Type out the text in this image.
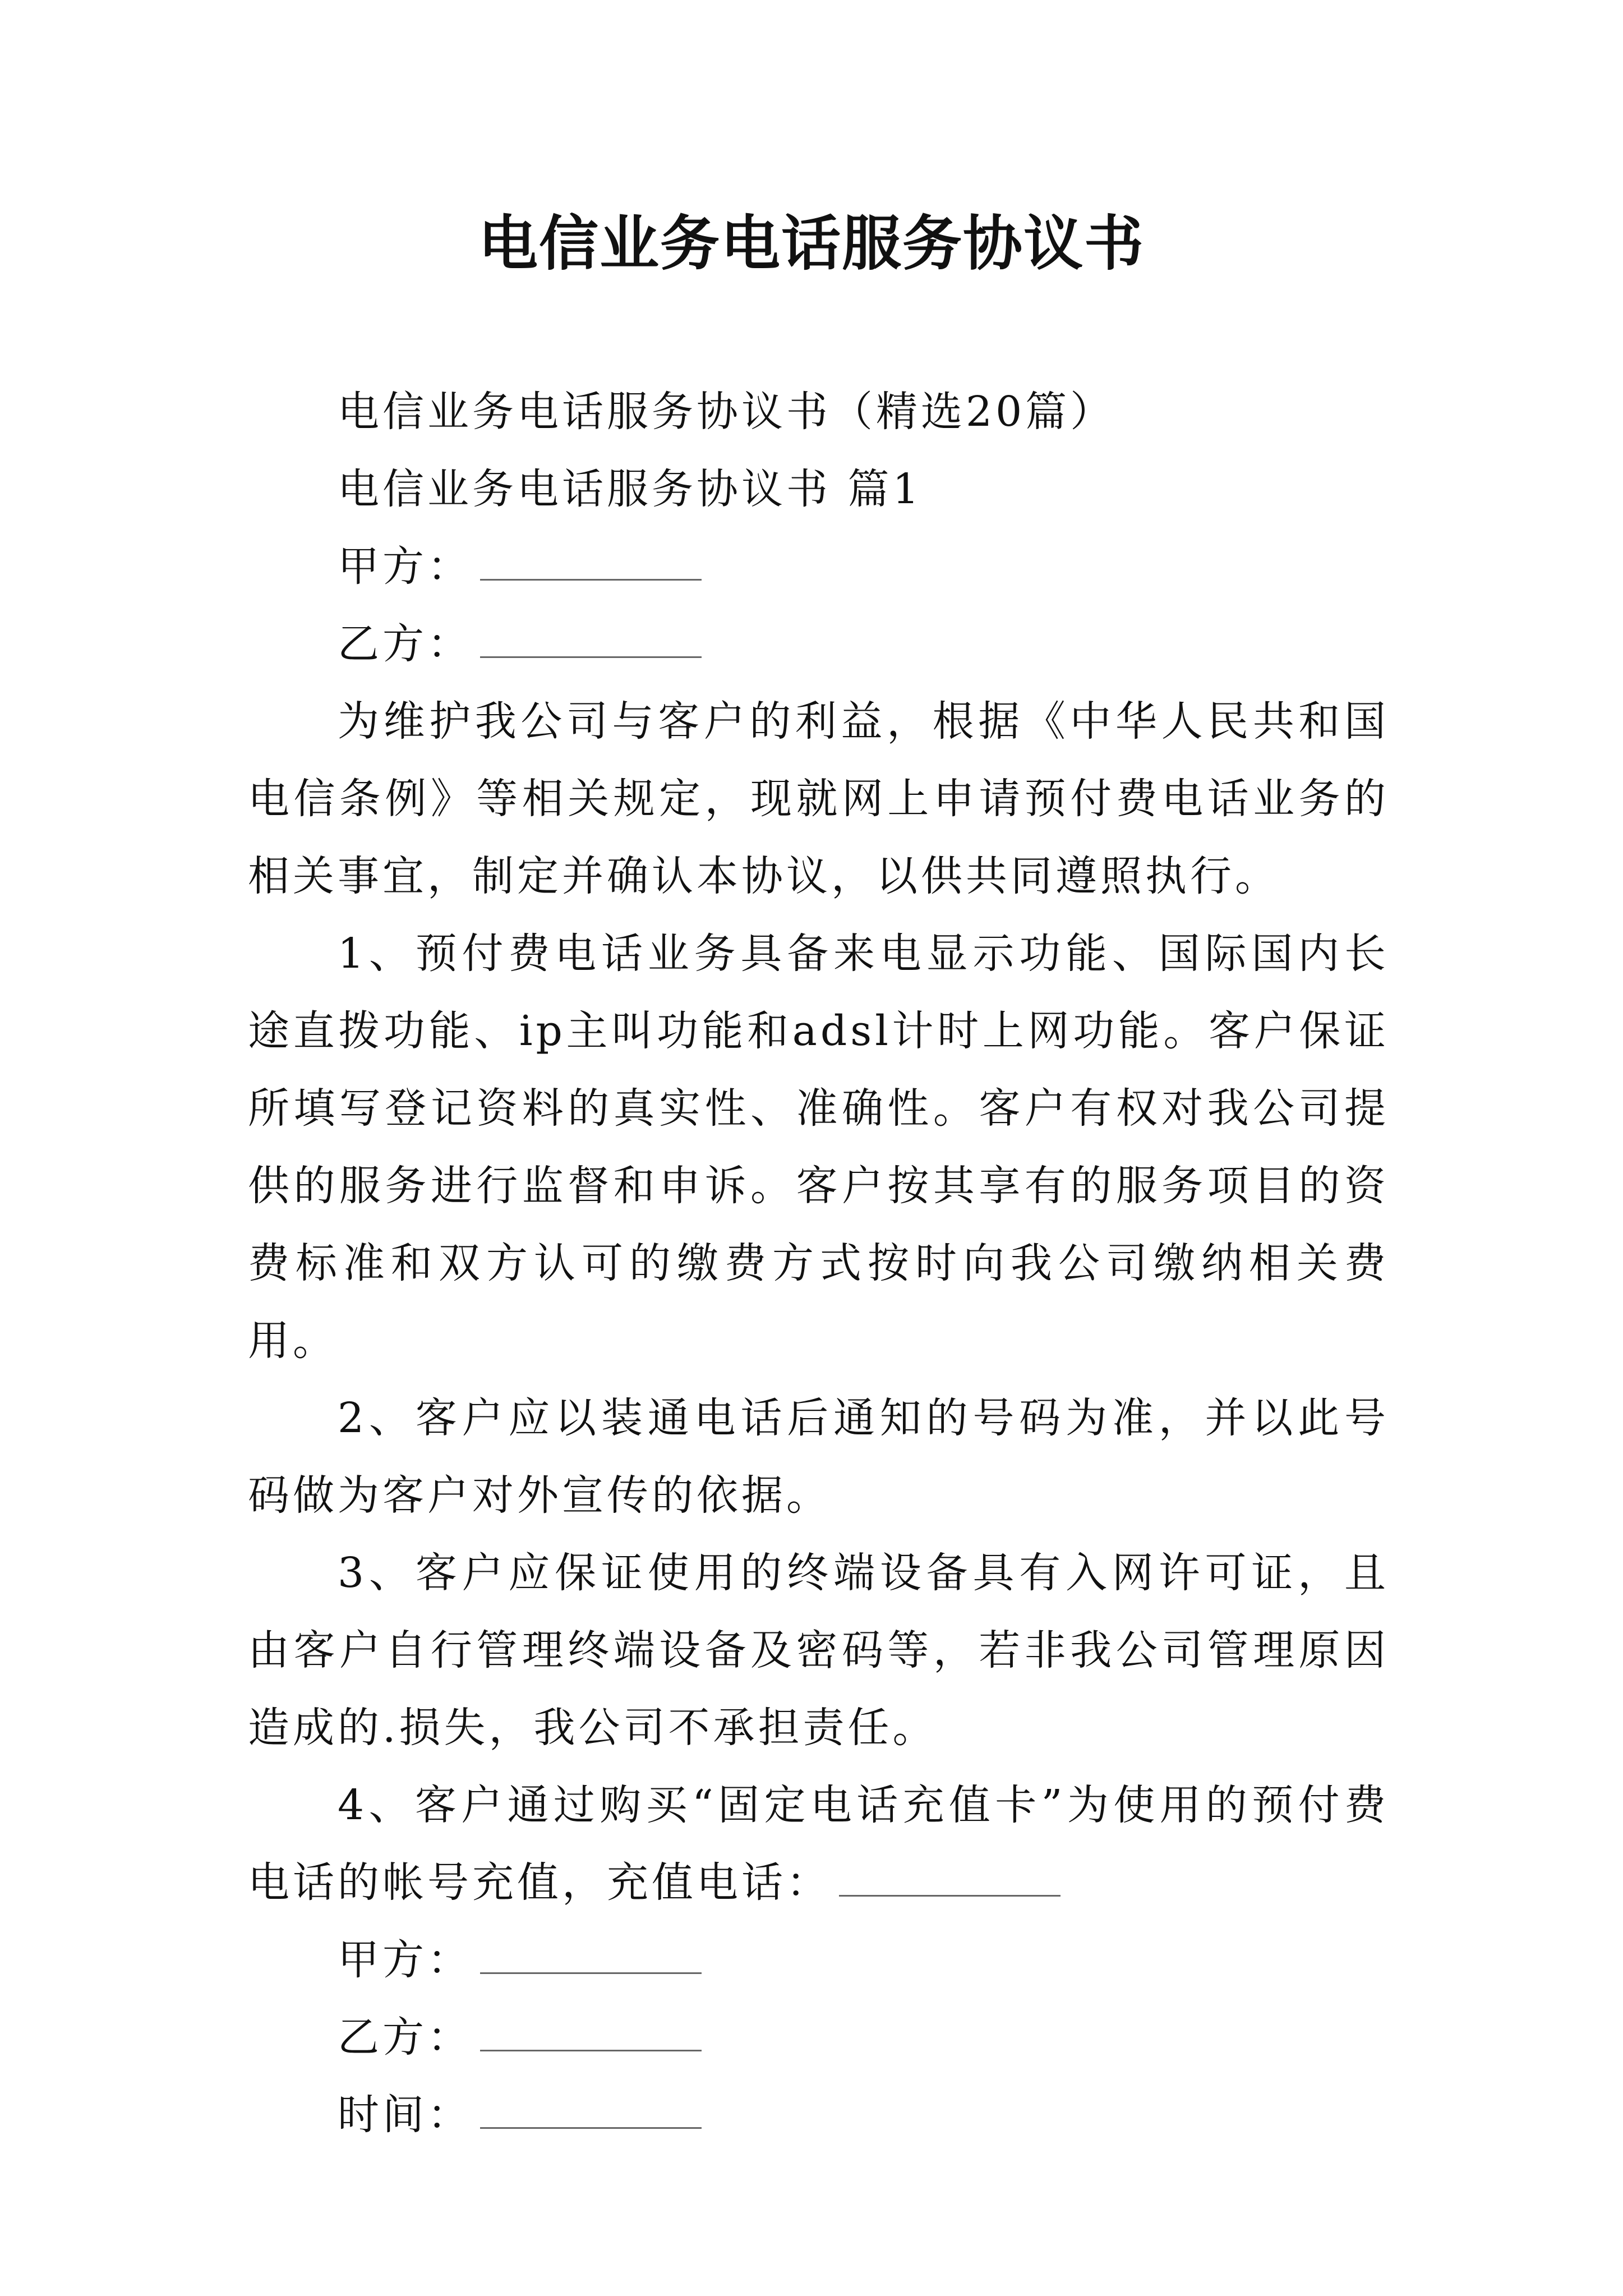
电信业务电话服务协议书

电信业务电话服务协议书（精选20篇）

电信业务电话服务协议书 篇1

甲方：

乙方：

为维护我公司与客户的利益，根据《中华人民共和国电信条例》等相关规定，现就网上申请预付费电话业务的相关事宜，制定并确认本协议，以供共同遵照执行。

1、预付费电话业务具备来电显示功能、国际国内长途直拨功能、ip主叫功能和adsl计时上网功能。客户保证所填写登记资料的真实性、准确性。客户有权对我公司提供的服务进行监督和申诉。客户按其享有的服务项目的资费标准和双方认可的缴费方式按时向我公司缴纳相关费用。

2、客户应以装通电话后通知的号码为准，并以此号码做为客户对外宣传的依据。

3、客户应保证使用的终端设备具有入网许可证，且由客户自行管理终端设备及密码等，若非我公司管理原因造成的.损失，我公司不承担责任。

4、客户通过购买“固定电话充值卡”为使用的预付费电话的帐号充值，充值电话：

甲方：

乙方：

时间：
